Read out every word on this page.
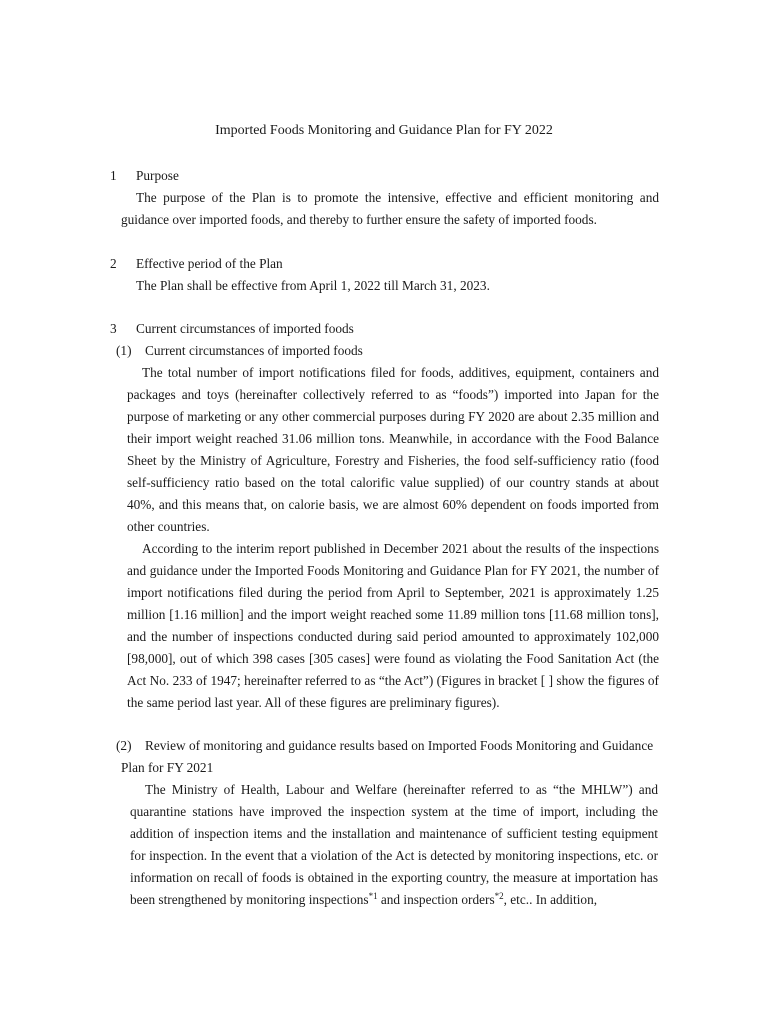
Imported Foods Monitoring and Guidance Plan for FY 2022
1 Purpose
The purpose of the Plan is to promote the intensive, effective and efficient monitoring and guidance over imported foods, and thereby to further ensure the safety of imported foods.
2 Effective period of the Plan
The Plan shall be effective from April 1, 2022 till March 31, 2023.
3 Current circumstances of imported foods
(1) Current circumstances of imported foods
The total number of import notifications filed for foods, additives, equipment, containers and packages and toys (hereinafter collectively referred to as “foods”) imported into Japan for the purpose of marketing or any other commercial purposes during FY 2020 are about 2.35 million and their import weight reached 31.06 million tons. Meanwhile, in accordance with the Food Balance Sheet by the Ministry of Agriculture, Forestry and Fisheries, the food self-sufficiency ratio (food self-sufficiency ratio based on the total calorific value supplied) of our country stands at about 40%, and this means that, on calorie basis, we are almost 60% dependent on foods imported from other countries.
According to the interim report published in December 2021 about the results of the inspections and guidance under the Imported Foods Monitoring and Guidance Plan for FY 2021, the number of import notifications filed during the period from April to September, 2021 is approximately 1.25 million [1.16 million] and the import weight reached some 11.89 million tons [11.68 million tons], and the number of inspections conducted during said period amounted to approximately 102,000 [98,000], out of which 398 cases [305 cases] were found as violating the Food Sanitation Act (the Act No. 233 of 1947; hereinafter referred to as “the Act”) (Figures in bracket [ ] show the figures of the same period last year. All of these figures are preliminary figures).
(2) Review of monitoring and guidance results based on Imported Foods Monitoring and Guidance
Plan for FY 2021
The Ministry of Health, Labour and Welfare (hereinafter referred to as “the MHLW”) and quarantine stations have improved the inspection system at the time of import, including the addition of inspection items and the installation and maintenance of sufficient testing equipment for inspection. In the event that a violation of the Act is detected by monitoring inspections, etc. or information on recall of foods is obtained in the exporting country, the measure at importation has been strengthened by monitoring inspections$^{*1}$ and inspection orders$^{*2}$, etc.. In addition,
